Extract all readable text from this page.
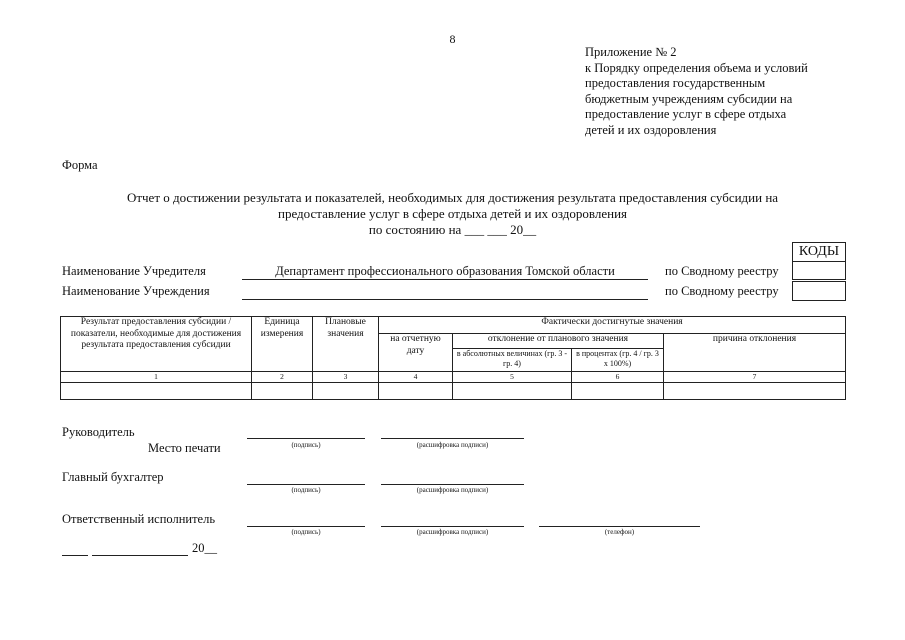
8
Приложение № 2
к Порядку определения объема и условий
предоставления государственным
бюджетным учреждениям субсидии на
предоставление услуг в сфере отдыха
детей и их оздоровления
Форма
Отчет о достижении результата и показателей, необходимых для достижения результата предоставления субсидии на
предоставление услуг в сфере отдыха детей и их оздоровления
по состоянию на ___ ___ 20__
КОДЫ
Наименование Учредителя	Департамент профессионального образования Томской области	по Сводному реестру
Наименование Учреждения	по Сводному реестру
Результат предоставления субсидии /показатели, необходимые для достижения результата предоставления субсидии	Единица измерения	Плановые значения	Фактически достигнутые значения			
			на отчетную дату	отклонение от планового значения		причина отклонения
				в абсолютных величинах (гр. 3 - гр. 4)	в процентах (гр. 4 / гр. 3 х 100%)	
1	2	3	4	5	6	7

Руководитель
Место печати	(подпись)	(расшифровка подписи)
Главный бухгалтер
(подпись)	(расшифровка подписи)
Ответственный исполнитель
(подпись)	(расшифровка подписи)	(телефон)
20__
